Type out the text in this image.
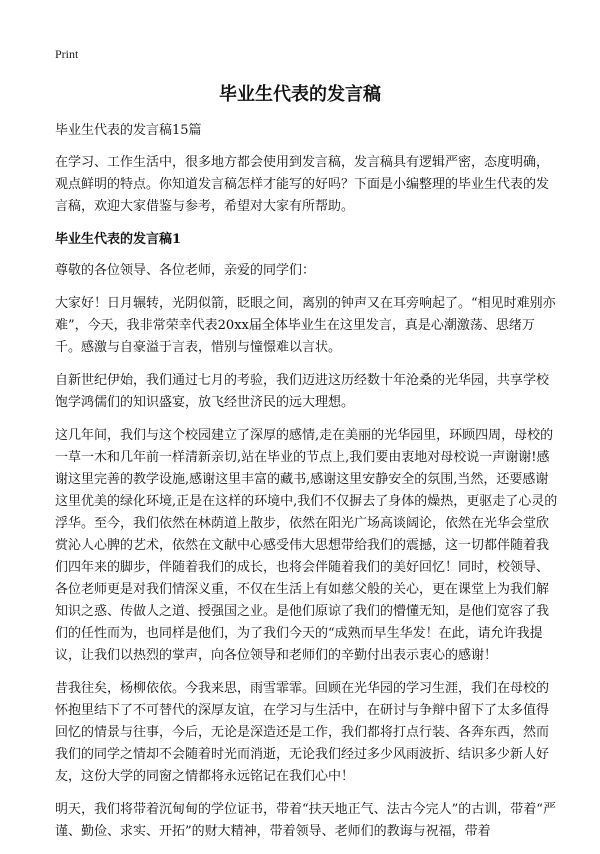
Print
毕业生代表的发言稿

毕业生代表的发言稿15篇

在学习、工作生活中，很多地方都会使用到发言稿，发言稿具有逻辑严密，态度明确，观点鲜明的特点。你知道发言稿怎样才能写的好吗？下面是小编整理的毕业生代表的发言稿，欢迎大家借鉴与参考，希望对大家有所帮助。

毕业生代表的发言稿1

尊敬的各位领导、各位老师，亲爱的同学们：

大家好！日月辗转，光阴似箭，眨眼之间，离别的钟声又在耳旁响起了。“相见时难别亦难”，今天，我非常荣幸代表20xx届全体毕业生在这里发言，真是心潮激荡、思绪万千。感激与自豪溢于言表，惜别与憧憬难以言状。

自新世纪伊始，我们通过七月的考验，我们迈进这历经数十年沧桑的光华园，共享学校饱学鸿儒们的知识盛宴，放飞经世济民的远大理想。

这几年间，我们与这个校园建立了深厚的感情,走在美丽的光华园里，环顾四周，母校的一草一木和几年前一样清新亲切,站在毕业的节点上,我们要由衷地对母校说一声谢谢!感谢这里完善的教学设施,感谢这里丰富的藏书,感谢这里安静安全的氛围,当然，还要感谢这里优美的绿化环境,正是在这样的环境中,我们不仅摒去了身体的燥热，更驱走了心灵的浮华。至今，我们依然在林荫道上散步，依然在阳光广场高谈阔论，依然在光华会堂欣赏沁人心脾的艺术，依然在文献中心感受伟大思想带给我们的震撼，这一切都伴随着我们四年来的脚步，伴随着我们的成长，也将会伴随着我们的美好回忆！同时，校领导、各位老师更是对我们情深义重，不仅在生活上有如慈父般的关心，更在课堂上为我们解知识之惑、传做人之道、授强国之业。是他们原谅了我们的懵懂无知，是他们宽容了我们的任性而为，也同样是他们，为了我们今天的“成熟而早生华发！在此，请允许我提议，让我们以热烈的掌声，向各位领导和老师们的辛勤付出表示衷心的感谢！

昔我往矣，杨柳依依。今我来思，雨雪霏霏。回顾在光华园的学习生涯，我们在母校的怀抱里结下了不可替代的深厚友谊，在学习与生活中，在研讨与争辩中留下了太多值得回忆的情景与往事，今后，无论是深造还是工作，我们都将打点行装、各奔东西，然而我们的同学之情却不会随着时光而消逝，无论我们经过多少风雨波折、结识多少新人好友，这份大学的同窗之情都将永远铭记在我们心中！

明天，我们将带着沉甸甸的学位证书，带着“扶天地正气、法古今完人”的古训，带着“严谨、勤俭、求实、开拓”的财大精神，带着领导、老师们的教诲与祝福，带着
